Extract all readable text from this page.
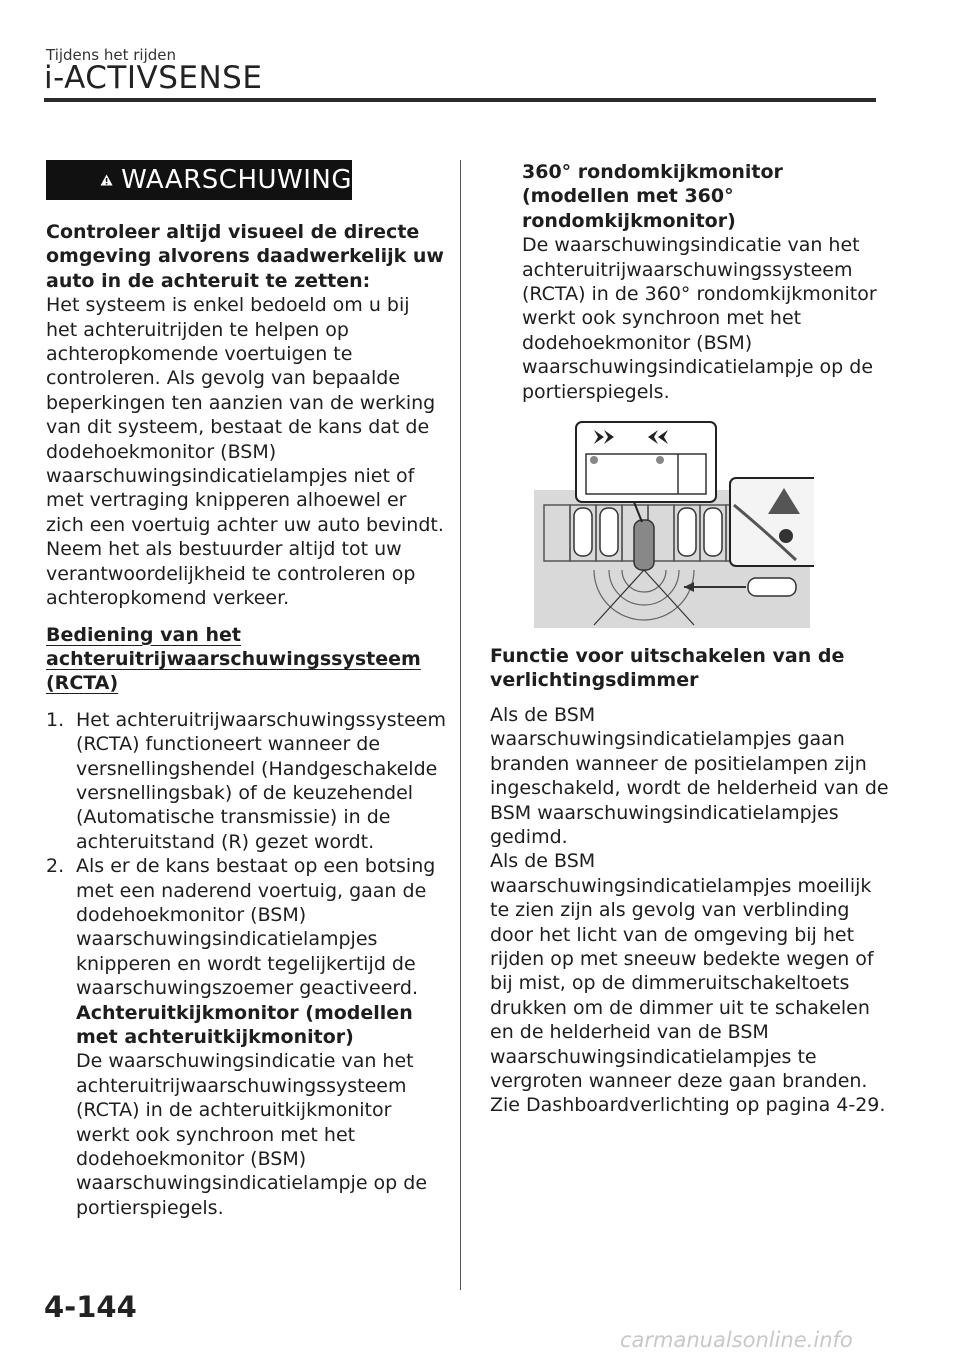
Tijdens het rijden
i-ACTIVSENSE
WAARSCHUWING

Controleer altijd visueel de directe omgeving alvorens daadwerkelijk uw auto in de achteruit te zetten:

Het systeem is enkel bedoeld om u bij het achteruitrijden te helpen op achteropkomende voertuigen te controleren. Als gevolg van bepaalde beperkingen ten aanzien van de werking van dit systeem, bestaat de kans dat de dodehoekmonitor (BSM) waarschuwingsindicatielampjes niet of met vertraging knipperen alhoewel er zich een voertuig achter uw auto bevindt. Neem het als bestuurder altijd tot uw verantwoordelijkheid te controleren op achteropkomend verkeer.

Bediening van het achteruitrijwaarschuwingssysteem (RCTA)

1. Het achteruitrijwaarschuwingssysteem (RCTA) functioneert wanneer de versnellingshendel (Handgeschakelde versnellingsbak) of de keuzehendel (Automatische transmissie) in de achteruitstand (R) gezet wordt.
2. Als er de kans bestaat op een botsing met een naderend voertuig, gaan de dodehoekmonitor (BSM) waarschuwingsindicatielampjes knipperen en wordt tegelijkertijd de waarschuwingszoemer geactiveerd.

Achteruitkijkmonitor (modellen met achteruitkijkmonitor)

De waarschuwingsindicatie van het achteruitrijwaarschuwingssysteem (RCTA) in de achteruitkijkmonitor werkt ook synchroon met het dodehoekmonitor (BSM) waarschuwingsindicatielampje op de portierspiegels.

360° rondomkijkmonitor (modellen met 360° rondomkijkmonitor)

De waarschuwingsindicatie van het achteruitrijwaarschuwingssysteem (RCTA) in de 360° rondomkijkmonitor werkt ook synchroon met het dodehoekmonitor (BSM) waarschuwingsindicatielampje op de portierspiegels.

Functie voor uitschakelen van de verlichtingsdimmer

Als de BSM waarschuwingsindicatielampjes gaan branden wanneer de positielampen zijn ingeschakeld, wordt de helderheid van de BSM waarschuwingsindicatielampjes gedimd.

Als de BSM waarschuwingsindicatielampjes moeilijk te zien zijn als gevolg van verblinding door het licht van de omgeving bij het rijden op met sneeuw bedekte wegen of bij mist, op de dimmeruitschakeltoets drukken om de dimmer uit te schakelen en de helderheid van de BSM waarschuwingsindicatielampjes te vergroten wanneer deze gaan branden. Zie Dashboardverlichting op pagina 4-29.

4-144
carmanualsonline.info
